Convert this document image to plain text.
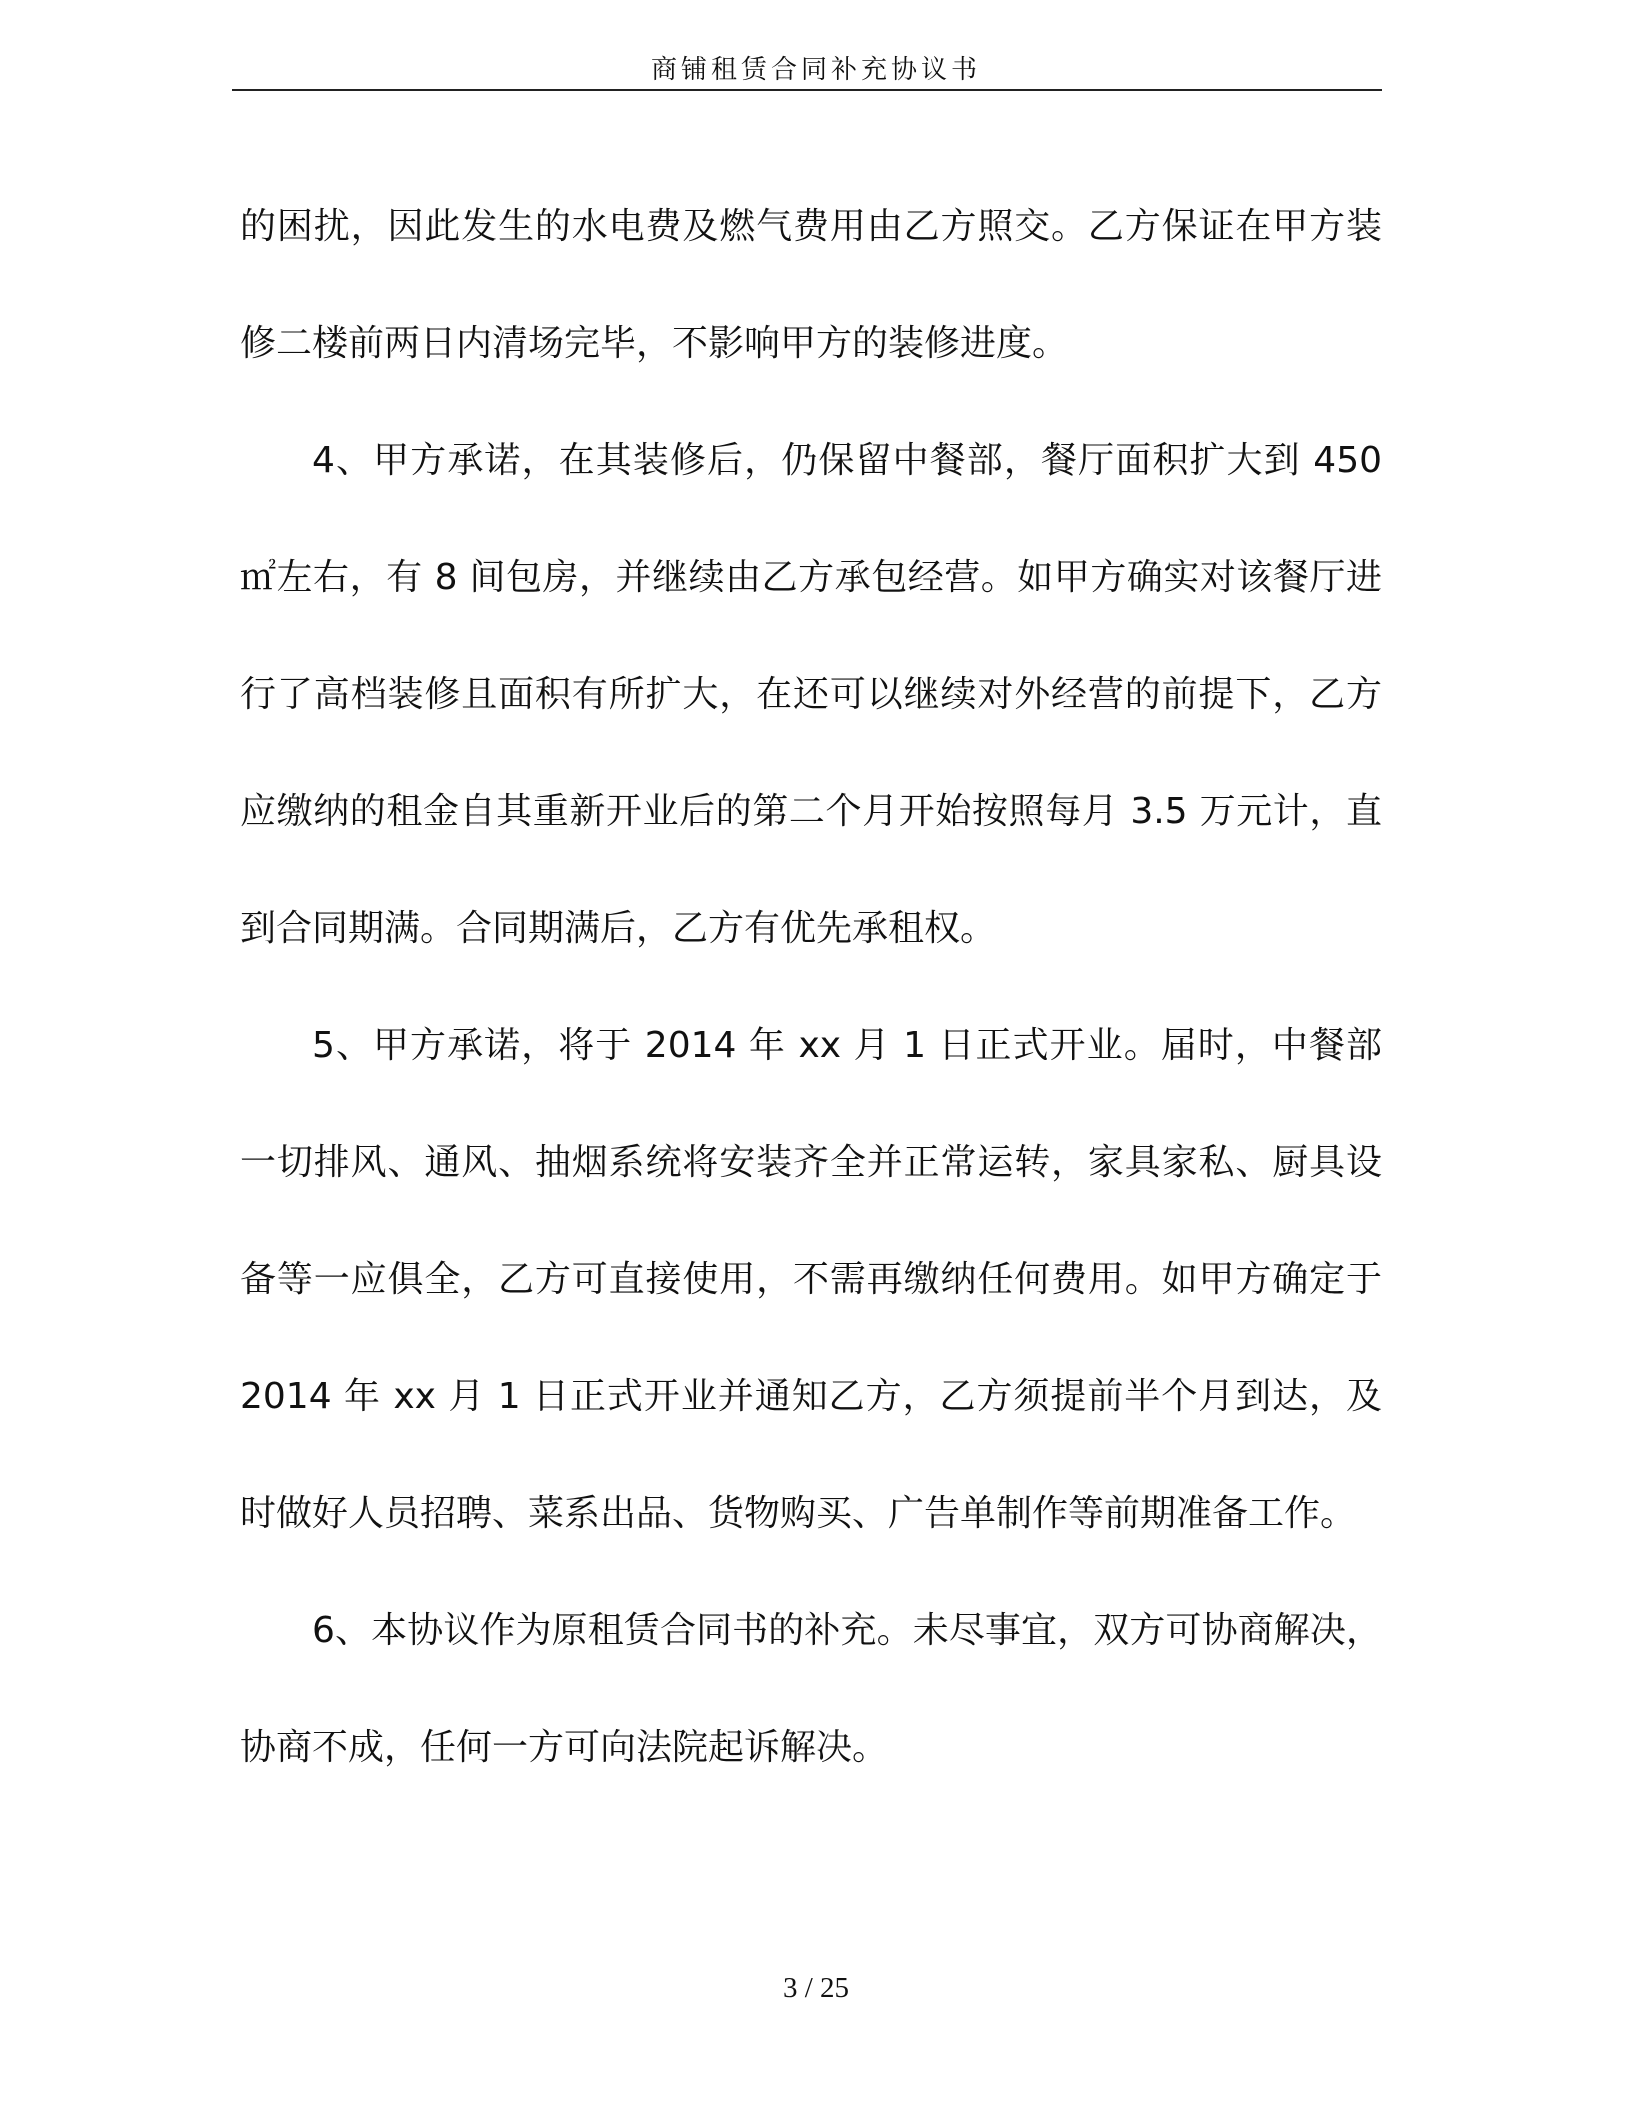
商铺租赁合同补充协议书

的困扰，因此发生的水电费及燃气费用由乙方照交。乙方保证在甲方装修二楼前两日内清场完毕，不影响甲方的装修进度。

4、甲方承诺，在其装修后，仍保留中餐部，餐厅面积扩大到 450㎡左右，有 8 间包房，并继续由乙方承包经营。如甲方确实对该餐厅进行了高档装修且面积有所扩大，在还可以继续对外经营的前提下，乙方应缴纳的租金自其重新开业后的第二个月开始按照每月 3.5 万元计，直到合同期满。合同期满后，乙方有优先承租权。

5、甲方承诺，将于 2014 年 xx 月 1 日正式开业。届时，中餐部一切排风、通风、抽烟系统将安装齐全并正常运转，家具家私、厨具设备等一应俱全，乙方可直接使用，不需再缴纳任何费用。如甲方确定于 2014 年 xx 月 1 日正式开业并通知乙方，乙方须提前半个月到达，及时做好人员招聘、菜系出品、货物购买、广告单制作等前期准备工作。

6、本协议作为原租赁合同书的补充。未尽事宜，双方可协商解决，协商不成，任何一方可向法院起诉解决。

3 / 25
